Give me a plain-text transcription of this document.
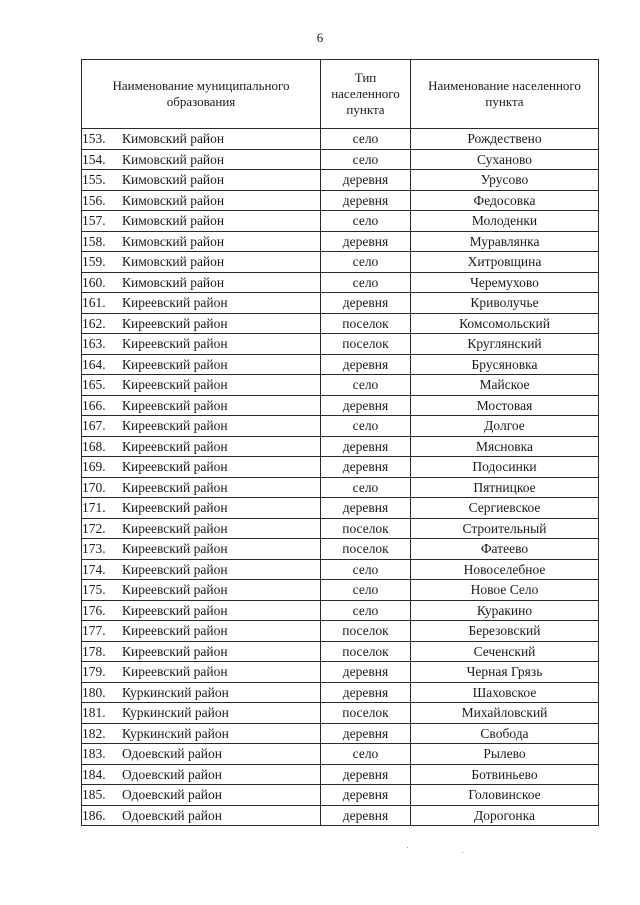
6
Наименование муниципального образования	Тип населенного пункта	Наименование населенного пункта
153. Кимовский район	село	Рождествено
154. Кимовский район	село	Суханово
155. Кимовский район	деревня	Урусово
156. Кимовский район	деревня	Федосовка
157. Кимовский район	село	Молоденки
158. Кимовский район	деревня	Муравлянка
159. Кимовский район	село	Хитровщина
160. Кимовский район	село	Черемухово
161. Киреевский район	деревня	Криволучье
162. Киреевский район	поселок	Комсомольский
163. Киреевский район	поселок	Круглянский
164. Киреевский район	деревня	Брусяновка
165. Киреевский район	село	Майское
166. Киреевский район	деревня	Мостовая
167. Киреевский район	село	Долгое
168. Киреевский район	деревня	Мясновка
169. Киреевский район	деревня	Подосинки
170. Киреевский район	село	Пятницкое
171. Киреевский район	деревня	Сергиевское
172. Киреевский район	поселок	Строительный
173. Киреевский район	поселок	Фатеево
174. Киреевский район	село	Новоселебное
175. Киреевский район	село	Новое Село
176. Киреевский район	село	Куракино
177. Киреевский район	поселок	Березовский
178. Киреевский район	поселок	Сеченский
179. Киреевский район	деревня	Черная Грязь
180. Куркинский район	деревня	Шаховское
181. Куркинский район	поселок	Михайловский
182. Куркинский район	деревня	Свобода
183. Одоевский район	село	Рылево
184. Одоевский район	деревня	Ботвиньево
185. Одоевский район	деревня	Головинское
186. Одоевский район	деревня	Дорогонка
